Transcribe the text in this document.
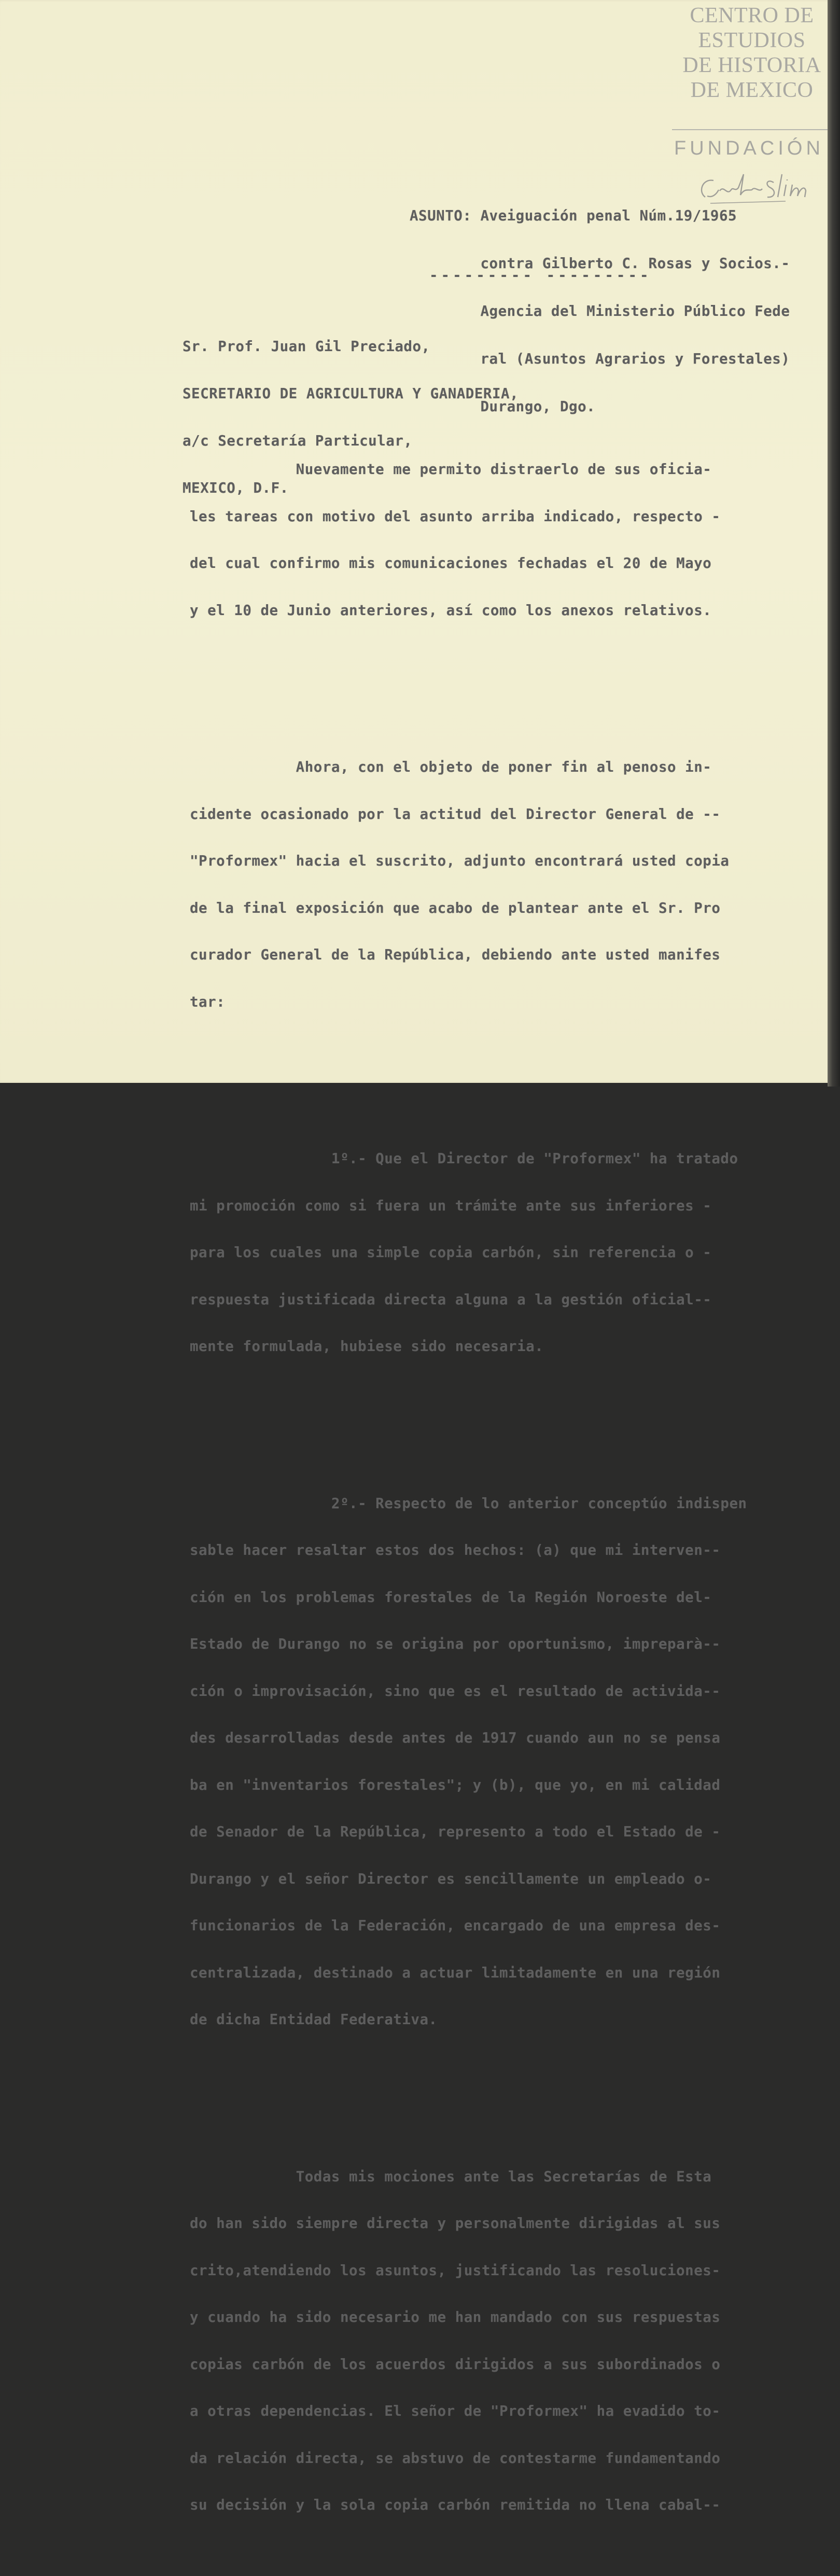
CENTRO DE
ESTUDIOS
DE HISTORIA
DE MEXICO
FUNDACIÓN

ASUNTO: Aveiguación penal Núm.19/1965

contra Gilberto C. Rosas y Socios.-

Agencia del Ministerio Público Fede

ral (Asuntos Agrarios y Forestales)

Durango, Dgo.

--------- ---------

Sr. Prof. Juan Gil Preciado,

SECRETARIO DE AGRICULTURA Y GANADERIA,

a/c Secretaría Particular,

MEXICO, D.F.

Nuevamente me permito distraerlo de sus oficia-

les tareas con motivo del asunto arriba indicado, respecto -

del cual confirmo mis comunicaciones fechadas el 20 de Mayo

y el 10 de Junio anteriores, así como los anexos relativos.

Ahora, con el objeto de poner fin al penoso in-

cidente ocasionado por la actitud del Director General de --

"Proformex" hacia el suscrito, adjunto encontrará usted copia

de la final exposición que acabo de plantear ante el Sr. Pro

curador General de la República, debiendo ante usted manifes

tar:

1º.- Que el Director de "Proformex" ha tratado

mi promoción como si fuera un trámite ante sus inferiores -

para los cuales una simple copia carbón, sin referencia o -

respuesta justificada directa alguna a la gestión oficial--

mente formulada, hubiese sido necesaria.

2º.- Respecto de lo anterior conceptúo indispen

sable hacer resaltar estos dos hechos: (a) que mi interven--

ción en los problemas forestales de la Región Noroeste del-

Estado de Durango no se origina por oportunismo, impreparà--

ción o improvisación, sino que es el resultado de activida--

des desarrolladas desde antes de 1917 cuando aun no se pensa

ba en "inventarios forestales"; y (b), que yo, en mi calidad

de Senador de la República, represento a todo el Estado de -

Durango y el señor Director es sencillamente un empleado o-

funcionarios de la Federación, encargado de una empresa des-

centralizada, destinado a actuar limitadamente en una región

de dicha Entidad Federativa.

Todas mis mociones ante las Secretarías de Esta

do han sido siempre directa y personalmente dirigidas al sus

crito,atendiendo los asuntos, justificando las resoluciones-

y cuando ha sido necesario me han mandado con sus respuestas

copias carbón de los acuerdos dirigidos a sus subordinados o

a otras dependencias. El señor de "Proformex" ha evadido to-

da relación directa, se abstuvo de contestarme fundamentando

su decisión y la sola copia carbón remitida no llena cabal--
